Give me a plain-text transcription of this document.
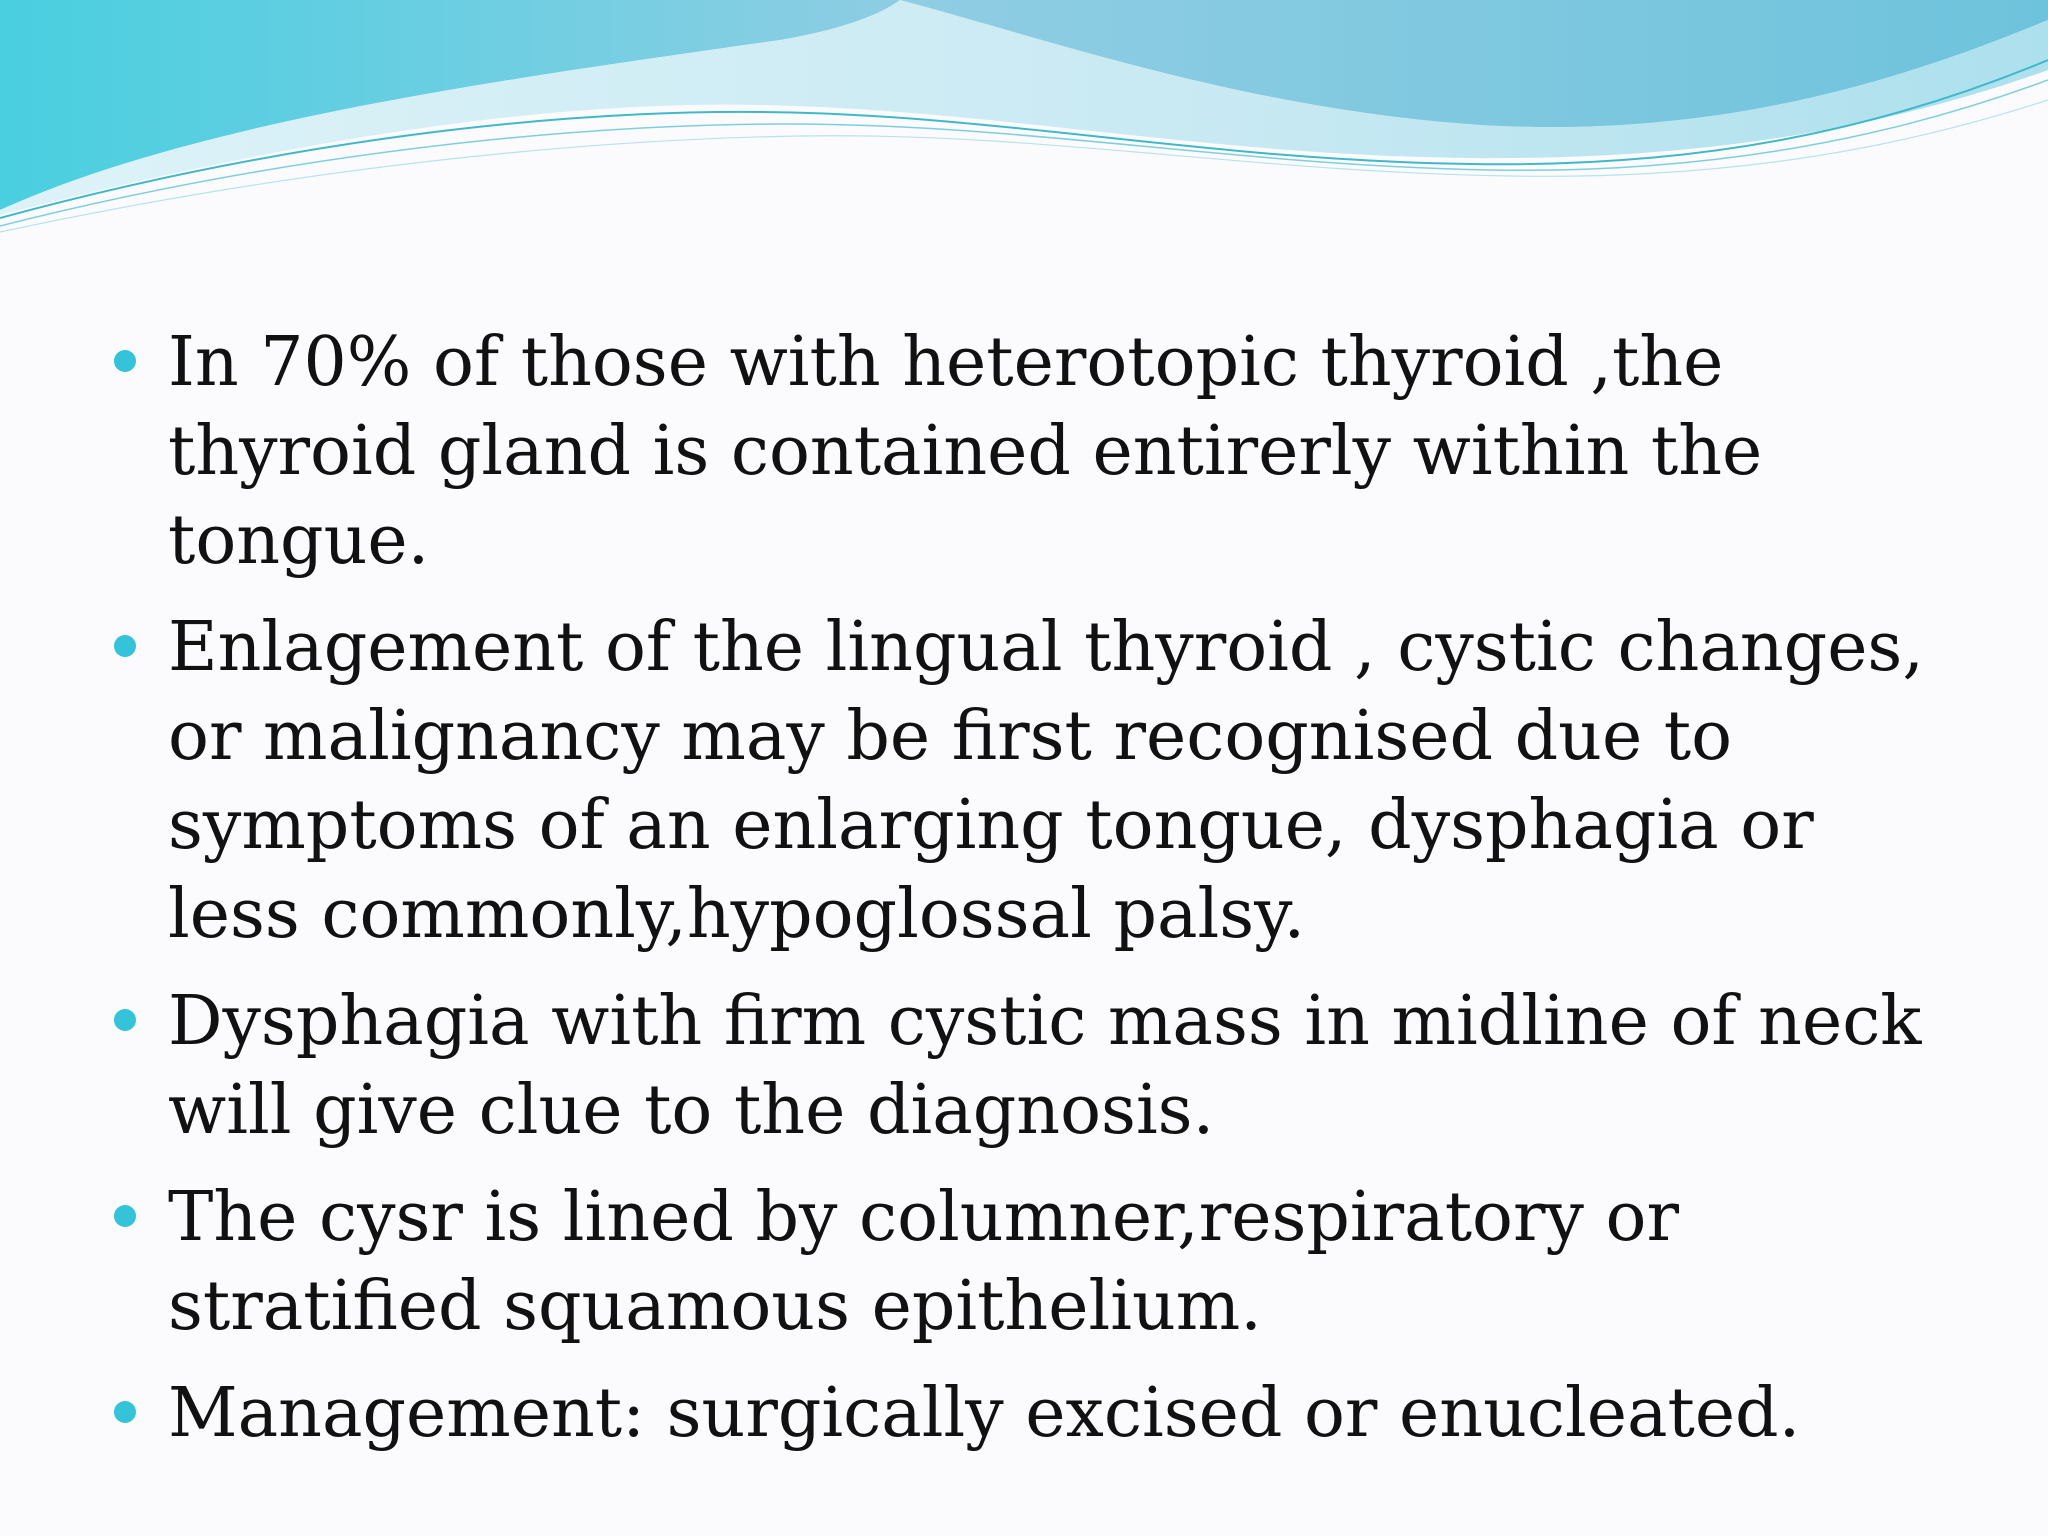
In 70% of those with heterotopic thyroid ,the thyroid gland is contained entirerly within the tongue.
Enlagement of the lingual thyroid , cystic changes, or malignancy may be first recognised due to symptoms of an enlarging tongue, dysphagia or less commonly,hypoglossal palsy.
Dysphagia with firm cystic mass in midline of neck will give clue to the diagnosis.
The cysr is lined by columner,respiratory or stratified squamous epithelium.
Management: surgically excised or enucleated.
